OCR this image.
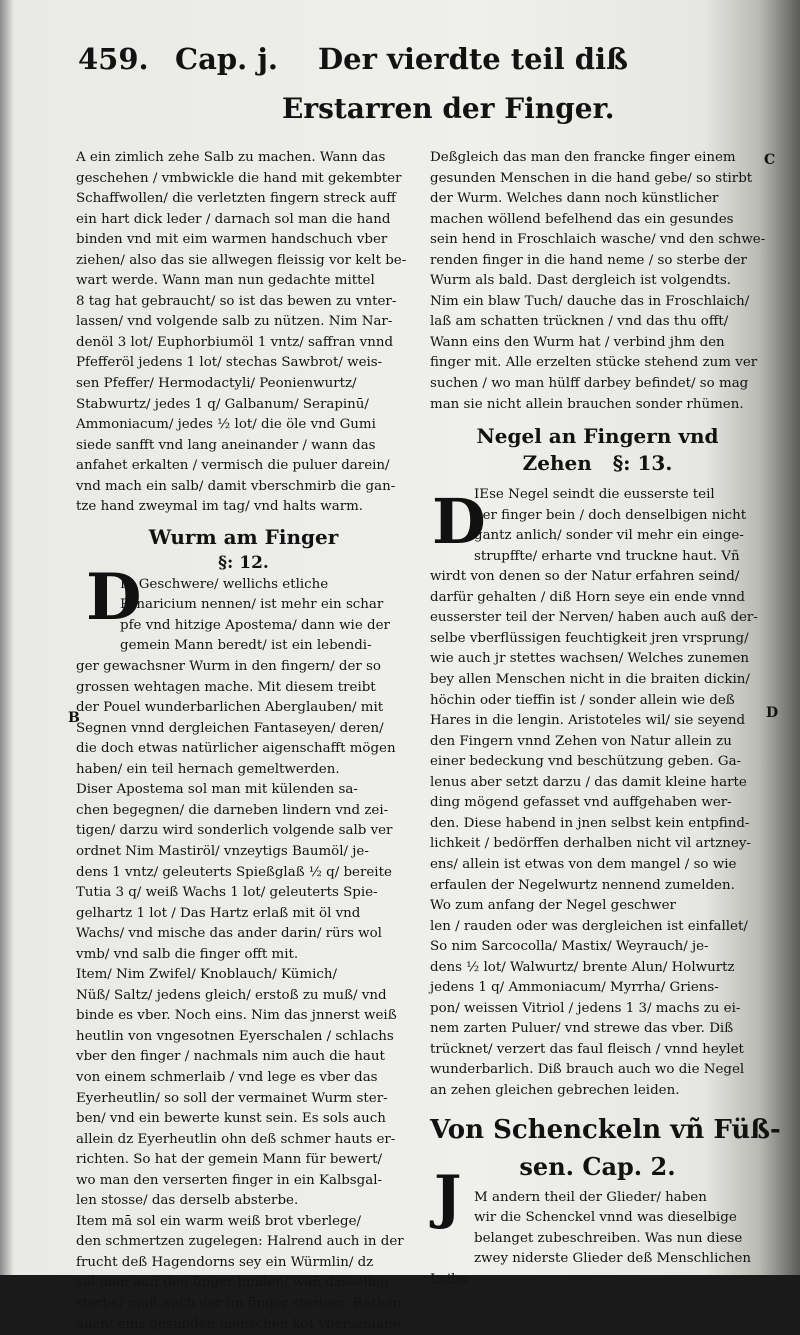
459. Cap. j. Der vierdte teil diß
Erstarren der Finger.
C
B	D
D
D
J
A ein zimlich zehe Salb zu machen. Wann das
geschehen / vmbwickle die hand mit gekembter
Schaffwollen/ die verletzten fingern streck auff
ein hart dick leder / darnach sol man die hand
binden vnd mit eim warmen handschuch vber
ziehen/ also das sie allwegen fleissig vor kelt be-
wart werde. Wann man nun gedachte mittel
8 tag hat gebraucht/ so ist das bewen zu vnter-
lassen/ vnd volgende salb zu nützen. Nim Nar-
denöl 3 lot/ Euphorbiumöl 1 vntz/ saffran vnnd
Pfefferöl jedens 1 lot/ stechas Sawbrot/ weis-
sen Pfeffer/ Hermodactyli/ Peonienwurtz/
Stabwurtz/ jedes 1 q/ Galbanum/ Serapinū/
Ammoniacum/ jedes ½ lot/ die öle vnd Gumi
siede sanfft vnd lang aneinander / wann das
anfahet erkalten / vermisch die puluer darein/
vnd mach ein salb/ damit vberschmirb die gan-
tze hand zweymal im tag/ vnd halts warm.
Wurm am Finger
§: 12.
IS Geschwere/ wellichs etliche
Panaricium nennen/ ist mehr ein schar
pfe vnd hitzige Apostema/ dann wie der
gemein Mann beredt/ ist ein lebendi-
ger gewachsner Wurm in den fingern/ der so
grossen wehtagen mache. Mit diesem treibt
der Pouel wunderbarlichen Aberglauben/ mit
Segnen vnnd dergleichen Fantaseyen/ deren/
die doch etwas natürlicher aigenschafft mögen
haben/ ein teil hernach gemeltwerden.
Diser Apostema sol man mit külenden sa-
chen begegnen/ die darneben lindern vnd zei-
tigen/ darzu wird sonderlich volgende salb ver
ordnet Nim Mastiröl/ vnzeytigs Baumöl/ je-
dens 1 vntz/ geleuterts Spießglaß ½ q/ bereite
Tutia 3 q/ weiß Wachs 1 lot/ geleuterts Spie-
gelhartz 1 lot / Das Hartz erlaß mit öl vnd
Wachs/ vnd mische das ander darin/ rürs wol
vmb/ vnd salb die finger offt mit.
Item/ Nim Zwifel/ Knoblauch/ Kümich/
Nüß/ Saltz/ jedens gleich/ erstoß zu muß/ vnd
binde es vber. Noch eins. Nim das jnnerst weiß
heutlin von vngesotnen Eyerschalen / schlachs
vber den finger / nachmals nim auch die haut
von einem schmerlaib / vnd lege es vber das
Eyerheutlin/ so soll der vermainet Wurm ster-
ben/ vnd ein bewerte kunst sein. Es sols auch
allein dz Eyerheutlin ohn deß schmer hauts er-
richten. So hat der gemein Mann für bewert/
wo man den verserten finger in ein Kalbsgal-
len stosse/ das derselb absterbe.
Item mā sol ein warm weiß brot vberlege/
den schmertzen zugelegen: Halrend auch in der
frucht deß Hagendorns sey ein Würmlin/ dz
sol man auff den finger binden/ wañ dasselbig
sterbe/ muß auch der im finger sterben. Rathen
auch/ eins gesunden menschen kot vberschlahe.
Deßgleich das man den francke finger einem
gesunden Menschen in die hand gebe/ so stirbt
der Wurm. Welches dann noch künstlicher
machen wöllend befelhend das ein gesundes
sein hend in Froschlaich wasche/ vnd den schwe-
renden finger in die hand neme / so sterbe der
Wurm als bald. Dast dergleich ist volgendts.
Nim ein blaw Tuch/ dauche das in Froschlaich/
laß am schatten trücknen / vnd das thu offt/
Wann eins den Wurm hat / verbind jhm den
finger mit. Alle erzelten stücke stehend zum ver
suchen / wo man hülff darbey befindet/ so mag
man sie nicht allein brauchen sonder rhümen.
Negel an Fingern vnd
Zehen §: 13.
IEse Negel seindt die eusserste teil
der finger bein / doch denselbigen nicht
gantz anlich/ sonder vil mehr ein einge-
strupffte/ erharte vnd truckne haut. Vñ
wirdt von denen so der Natur erfahren seind/
darfür gehalten / diß Horn seye ein ende vnnd
eusserster teil der Nerven/ haben auch auß der-
selbe vberflüssigen feuchtigkeit jren vrsprung/
wie auch jr stettes wachsen/ Welches zunemen
bey allen Menschen nicht in die braiten dickin/
höchin oder tieffin ist / sonder allein wie deß
Hares in die lengin. Aristoteles wil/ sie seyend
den Fingern vnnd Zehen von Natur allein zu
einer bedeckung vnd beschützung geben. Ga-
lenus aber setzt darzu / das damit kleine harte
ding mögend gefasset vnd auffgehaben wer-
den. Diese habend in jnen selbst kein entpfind-
lichkeit / bedörffen derhalben nicht vil artzney-
ens/ allein ist etwas von dem mangel / so wie
erfaulen der Negelwurtz nennend zumelden.
Wo zum anfang der Negel geschwer
len / rauden oder was dergleichen ist einfallet/
So nim Sarcocolla/ Mastix/ Weyrauch/ je-
dens ½ lot/ Walwurtz/ brente Alun/ Holwurtz
jedens 1 q/ Ammoniacum/ Myrrha/ Griens-
pon/ weissen Vitriol / jedens 1 3/ machs zu ei-
nem zarten Puluer/ vnd strewe das vber. Diß
trücknet/ verzert das faul fleisch / vnnd heylet
wunderbarlich. Diß brauch auch wo die Negel
an zehen gleichen gebrechen leiden.
Von Schenckeln vñ Füß-
sen. Cap. 2.
M andern theil der Glieder/ haben
wir die Schenckel vnnd was dieselbige
belanget zubeschreiben. Was nun diese
zwey niderste Glieder deß Menschlichen
Leibs
